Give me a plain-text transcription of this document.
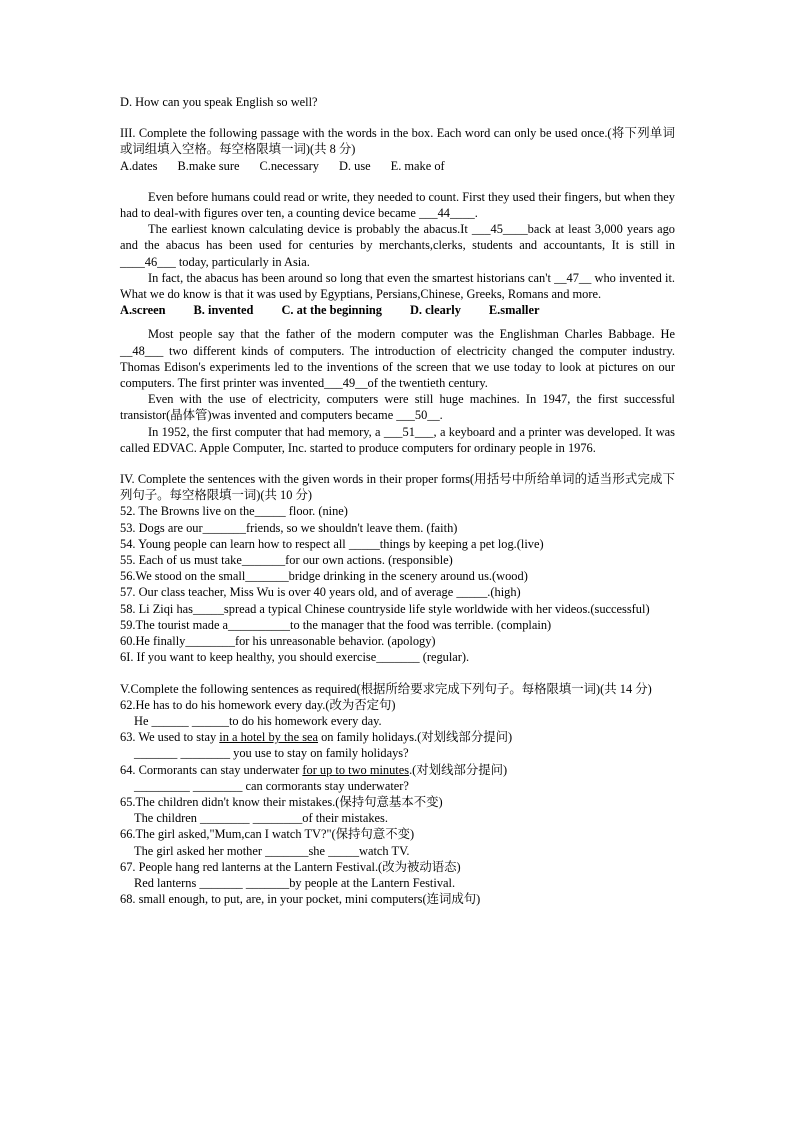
D. How can you speak English so well?

III. Complete the following passage with the words in the box. Each word can only be used once.(将下列单词或词组填入空格。每空格限填一词)(共 8 分)

A.dates B.make sure C.necessary D. use E. make of

Even before humans could read or write, they needed to count. First they used their fingers, but when they had to deal-with figures over ten, a counting device became ___44____.

The earliest known calculating device is probably the abacus.It ___45____back at least 3,000 years ago and the abacus has been used for centuries by merchants,clerks, students and accountants, It is still in ____46___ today, particularly in Asia.

In fact, the abacus has been around so long that even the smartest historians can't __47__ who invented it. What we do know is that it was used by Egyptians, Persians,Chinese, Greeks, Romans and more.

A.screen B. invented C. at the beginning D. clearly E.smaller

Most people say that the father of the modern computer was the Englishman Charles Babbage. He __48___ two different kinds of computers. The introduction of electricity changed the computer industry. Thomas Edison's experiments led to the inventions of the screen that we use today to look at pictures on our computers. The first printer was invented___49__of the twentieth century.

Even with the use of electricity, computers were still huge machines. In 1947, the first successful transistor(晶体管)was invented and computers became ___50__.

In 1952, the first computer that had memory, a ___51___, a keyboard and a printer was developed. It was called EDVAC. Apple Computer, Inc. started to produce computers for ordinary people in 1976.

IV. Complete the sentences with the given words in their proper forms(用括号中所给单词的适当形式完成下列句子。每空格限填一词)(共 10 分)

52. The Browns live on the_____ floor. (nine)

53. Dogs are our_______friends, so we shouldn't leave them. (faith)

54. Young people can learn how to respect all _____things by keeping a pet log.(live)

55. Each of us must take_______for our own actions. (responsible)

56.We stood on the small_______bridge drinking in the scenery around us.(wood)

57. Our class teacher, Miss Wu is over 40 years old, and of average _____.(high)

58. Li Ziqi has_____spread a typical Chinese countryside life style worldwide with her videos.(successful)

59.The tourist made a__________to the manager that the food was terrible. (complain)

60.He finally________for his unreasonable behavior. (apology)

6I. If you want to keep healthy, you should exercise_______ (regular).

V.Complete the following sentences as required(根据所给要求完成下列句子。每格限填一词)(共 14 分)

62.He has to do his homework every day.(改为否定句)

He ______ ______to do his homework every day.

63. We used to stay in a hotel by the sea on family holidays.(对划线部分提问)

_______ ________ you use to stay on family holidays?

64. Cormorants can stay underwater for up to two minutes.(对划线部分提问)

_________ ________ can cormorants stay underwater?

65.The children didn't know their mistakes.(保持句意基本不变)

The children ________ ________of their mistakes.

66.The girl asked,"Mum,can I watch TV?"(保持句意不变)

The girl asked her mother _______she _____watch TV.

67. People hang red lanterns at the Lantern Festival.(改为被动语态)

Red lanterns _______ _______by people at the Lantern Festival.

68. small enough, to put, are, in your pocket, mini computers(连词成句)
